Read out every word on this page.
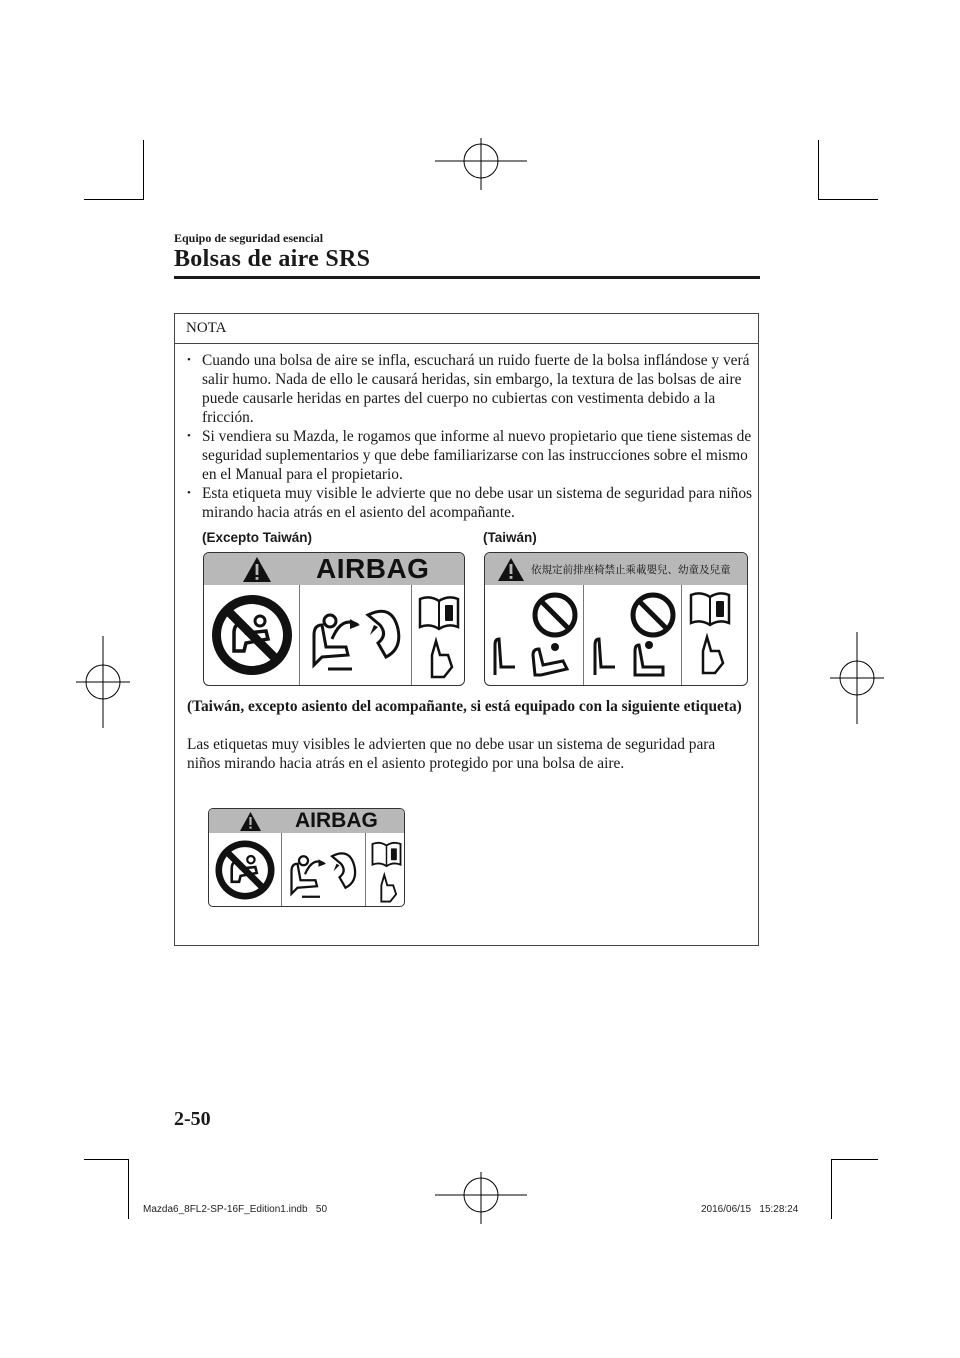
Equipo de seguridad esencial
Bolsas de aire SRS
NOTA
• Cuando una bolsa de aire se infla, escuchará un ruido fuerte de la bolsa inflándose y verá salir humo. Nada de ello le causará heridas, sin embargo, la textura de las bolsas de aire puede causarle heridas en partes del cuerpo no cubiertas con vestimenta debido a la fricción.
• Si vendiera su Mazda, le rogamos que informe al nuevo propietario que tiene sistemas de seguridad suplementarios y que debe familiarizarse con las instrucciones sobre el mismo en el Manual para el propietario.
• Esta etiqueta muy visible le advierte que no debe usar un sistema de seguridad para niños mirando hacia atrás en el asiento del acompañante.
(Excepto Taiwán)	(Taiwán)
AIRBAG	依規定前排座椅禁止乘載嬰兒、幼童及兒童
(Taiwán, excepto asiento del acompañante, si está equipado con la siguiente etiqueta)
Las etiquetas muy visibles le advierten que no debe usar un sistema de seguridad para niños mirando hacia atrás en el asiento protegido por una bolsa de aire.
AIRBAG
2-50
Mazda6_8FL2-SP-16F_Edition1.indb   50	2016/06/15   15:28:24
